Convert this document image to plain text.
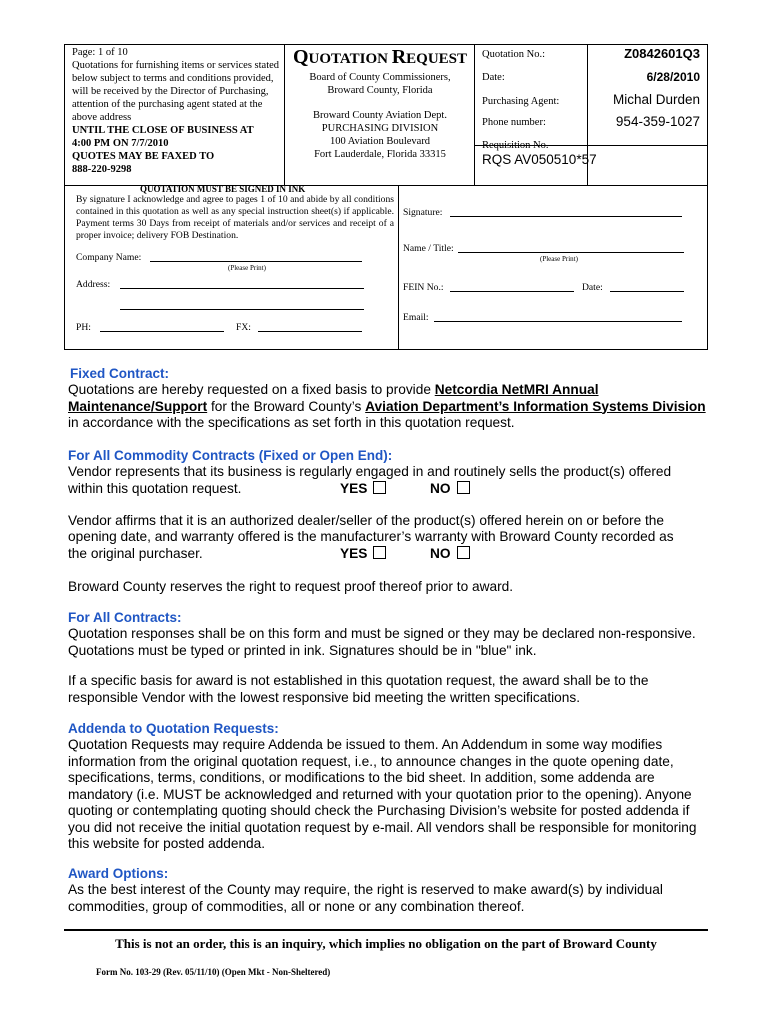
Page: 1 of 10
Quotations for furnishing items or services stated below subject to terms and conditions provided, will be received by the Director of Purchasing, attention of the purchasing agent stated at the above address
UNTIL THE CLOSE OF BUSINESS AT
4:00 PM ON 7/7/2010
QUOTES MAY BE FAXED TO
888-220-9298
QUOTATION REQUEST
Board of County Commissioners,
Broward County, Florida
Broward County Aviation Dept.
PURCHASING DIVISION
100 Aviation Boulevard
Fort Lauderdale, Florida 33315
Quotation No.:	Z0842601Q3
Date:	6/28/2010
Purchasing Agent:	Michal Durden
Phone number:	954-359-1027
Requisition No.
RQS AV050510*57
QUOTATION MUST BE SIGNED IN INK
By signature I acknowledge and agree to pages 1 of 10 and abide by all conditions contained in this quotation as well as any special instruction sheet(s) if applicable. Payment terms 30 Days from receipt of materials and/or services and receipt of a proper invoice; delivery FOB Destination.
Company Name:
(Please Print)
Address:
PH:	FX:
Signature:
Name / Title:
(Please Print)
FEIN No.:	Date:
Email:
Fixed Contract:
Quotations are hereby requested on a fixed basis to provide Netcordia NetMRI Annual Maintenance/Support for the Broward County’s Aviation Department’s Information Systems Division in accordance with the specifications as set forth in this quotation request.
For All Commodity Contracts (Fixed or Open End):
Vendor represents that its business is regularly engaged in and routinely sells the product(s) offered
within this quotation request.	YES	NO
Vendor affirms that it is an authorized dealer/seller of the product(s) offered herein on or before the
opening date, and warranty offered is the manufacturer’s warranty with Broward County recorded as
the original purchaser.	YES	NO
Broward County reserves the right to request proof thereof prior to award.
For All Contracts:
Quotation responses shall be on this form and must be signed or they may be declared non-responsive. Quotations must be typed or printed in ink. Signatures should be in "blue" ink.
If a specific basis for award is not established in this quotation request, the award shall be to the responsible Vendor with the lowest responsive bid meeting the written specifications.
Addenda to Quotation Requests:
Quotation Requests may require Addenda be issued to them. An Addendum in some way modifies information from the original quotation request, i.e., to announce changes in the quote opening date, specifications, terms, conditions, or modifications to the bid sheet. In addition, some addenda are mandatory (i.e. MUST be acknowledged and returned with your quotation prior to the opening). Anyone quoting or contemplating quoting should check the Purchasing Division’s website for posted addenda if you did not receive the initial quotation request by e-mail. All vendors shall be responsible for monitoring this website for posted addenda.
Award Options:
As the best interest of the County may require, the right is reserved to make award(s) by individual commodities, group of commodities, all or none or any combination thereof.
This is not an order, this is an inquiry, which implies no obligation on the part of Broward County
Form No. 103-29 (Rev. 05/11/10) (Open Mkt - Non-Sheltered)
